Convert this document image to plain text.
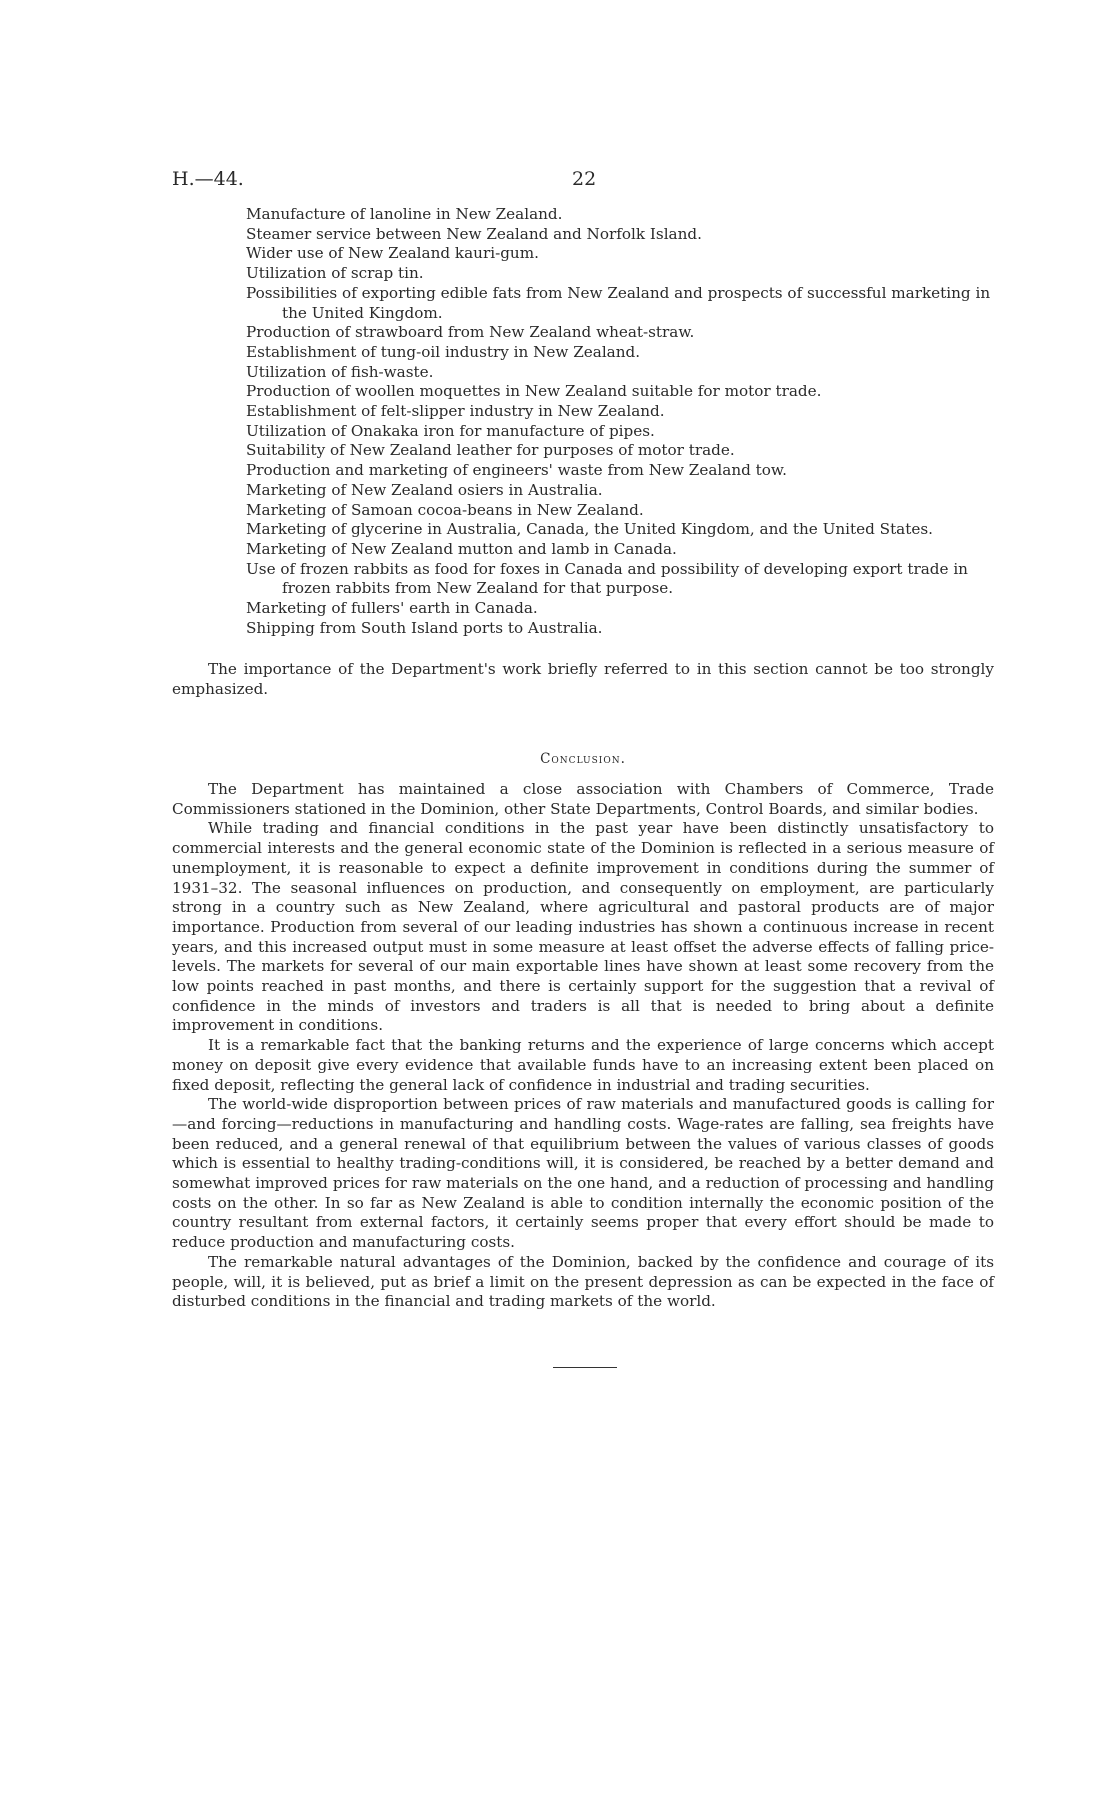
H.—44.	22
Manufacture of lanoline in New Zealand.
Steamer service between New Zealand and Norfolk Island.
Wider use of New Zealand kauri-gum.
Utilization of scrap tin.
Possibilities of exporting edible fats from New Zealand and prospects of successful marketing in the United Kingdom.
Production of strawboard from New Zealand wheat-straw.
Establishment of tung-oil industry in New Zealand.
Utilization of fish-waste.
Production of woollen moquettes in New Zealand suitable for motor trade.
Establishment of felt-slipper industry in New Zealand.
Utilization of Onakaka iron for manufacture of pipes.
Suitability of New Zealand leather for purposes of motor trade.
Production and marketing of engineers' waste from New Zealand tow.
Marketing of New Zealand osiers in Australia.
Marketing of Samoan cocoa-beans in New Zealand.
Marketing of glycerine in Australia, Canada, the United Kingdom, and the United States.
Marketing of New Zealand mutton and lamb in Canada.
Use of frozen rabbits as food for foxes in Canada and possibility of developing export trade in frozen rabbits from New Zealand for that purpose.
Marketing of fullers' earth in Canada.
Shipping from South Island ports to Australia.

The importance of the Department's work briefly referred to in this section cannot be too strongly emphasized.

Conclusion.

The Department has maintained a close association with Chambers of Commerce, Trade Commissioners stationed in the Dominion, other State Departments, Control Boards, and similar bodies.

While trading and financial conditions in the past year have been distinctly unsatisfactory to commercial interests and the general economic state of the Dominion is reflected in a serious measure of unemployment, it is reasonable to expect a definite improvement in conditions during the summer of 1931–32. The seasonal influences on production, and consequently on employment, are particularly strong in a country such as New Zealand, where agricultural and pastoral products are of major importance. Production from several of our leading industries has shown a continuous increase in recent years, and this increased output must in some measure at least offset the adverse effects of falling price-levels. The markets for several of our main exportable lines have shown at least some recovery from the low points reached in past months, and there is certainly support for the suggestion that a revival of confidence in the minds of investors and traders is all that is needed to bring about a definite improvement in conditions.

It is a remarkable fact that the banking returns and the experience of large concerns which accept money on deposit give every evidence that available funds have to an increasing extent been placed on fixed deposit, reflecting the general lack of confidence in industrial and trading securities.

The world-wide disproportion between prices of raw materials and manufactured goods is calling for—and forcing—reductions in manufacturing and handling costs. Wage-rates are falling, sea freights have been reduced, and a general renewal of that equilibrium between the values of various classes of goods which is essential to healthy trading-conditions will, it is considered, be reached by a better demand and somewhat improved prices for raw materials on the one hand, and a reduction of processing and handling costs on the other. In so far as New Zealand is able to condition internally the economic position of the country resultant from external factors, it certainly seems proper that every effort should be made to reduce production and manufacturing costs.

The remarkable natural advantages of the Dominion, backed by the confidence and courage of its people, will, it is believed, put as brief a limit on the present depression as can be expected in the face of disturbed conditions in the financial and trading markets of the world.
